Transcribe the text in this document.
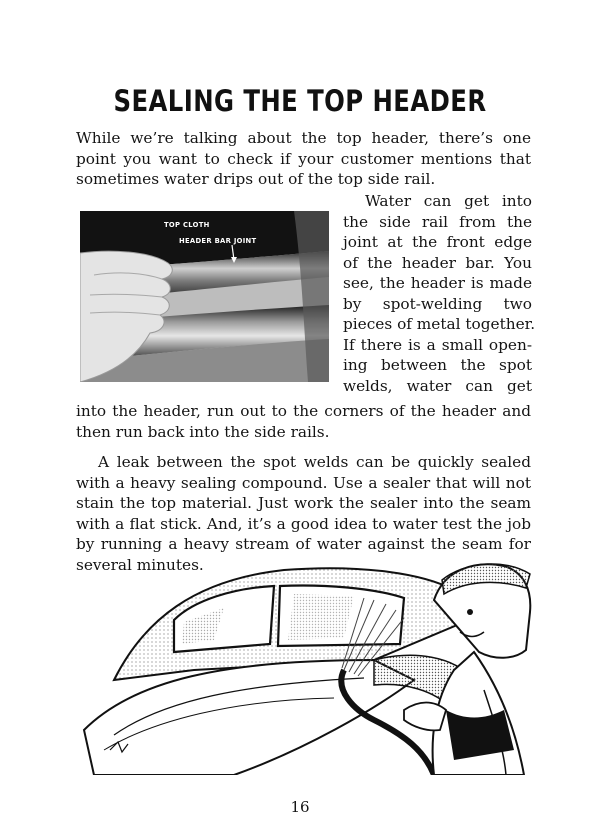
SEALING THE TOP HEADER

While we’re talking about the top header, there’s one point you want to check if your customer mentions that sometimes water drips out of the top side rail.

TOP CLOTH
HEADER BAR JOINT
Water can get into
the side rail from the
joint at the front edge
of the header bar. You
see, the header is made
by spot-welding two
pieces of metal together.
If there is a small open-
ing between the spot
welds, water can get

into the header, run out to the corners of the header and then run back into the side rails.

A leak between the spot welds can be quickly sealed with a heavy sealing compound. Use a sealer that will not stain the top material. Just work the sealer into the seam with a flat stick. And, it’s a good idea to water test the job by running a heavy stream of water against the seam for several minutes.

16
